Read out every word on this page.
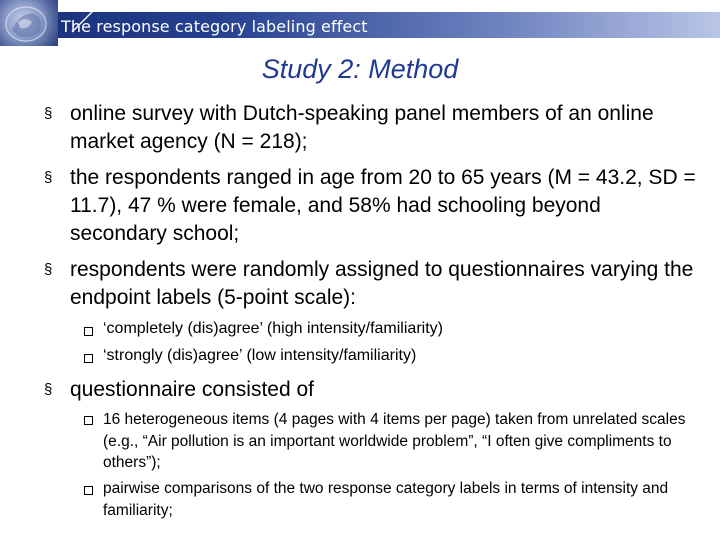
The response category labeling effect
Study 2: Method
§ online survey with Dutch-speaking panel members of an online market agency (N = 218);
§ the respondents ranged in age from 20 to 65 years (M = 43.2, SD = 11.7), 47 % were female, and 58% had schooling beyond secondary school;
§ respondents were randomly assigned to questionnaires varying the endpoint labels (5-point scale):
‘completely (dis)agree’ (high intensity/familiarity)
‘strongly (dis)agree’ (low intensity/familiarity)
§ questionnaire consisted of
16 heterogeneous items (4 pages with 4 items per page) taken from unrelated scales (e.g., “Air pollution is an important worldwide problem”, “I often give compliments to others”);
pairwise comparisons of the two response category labels in terms of intensity and familiarity;
